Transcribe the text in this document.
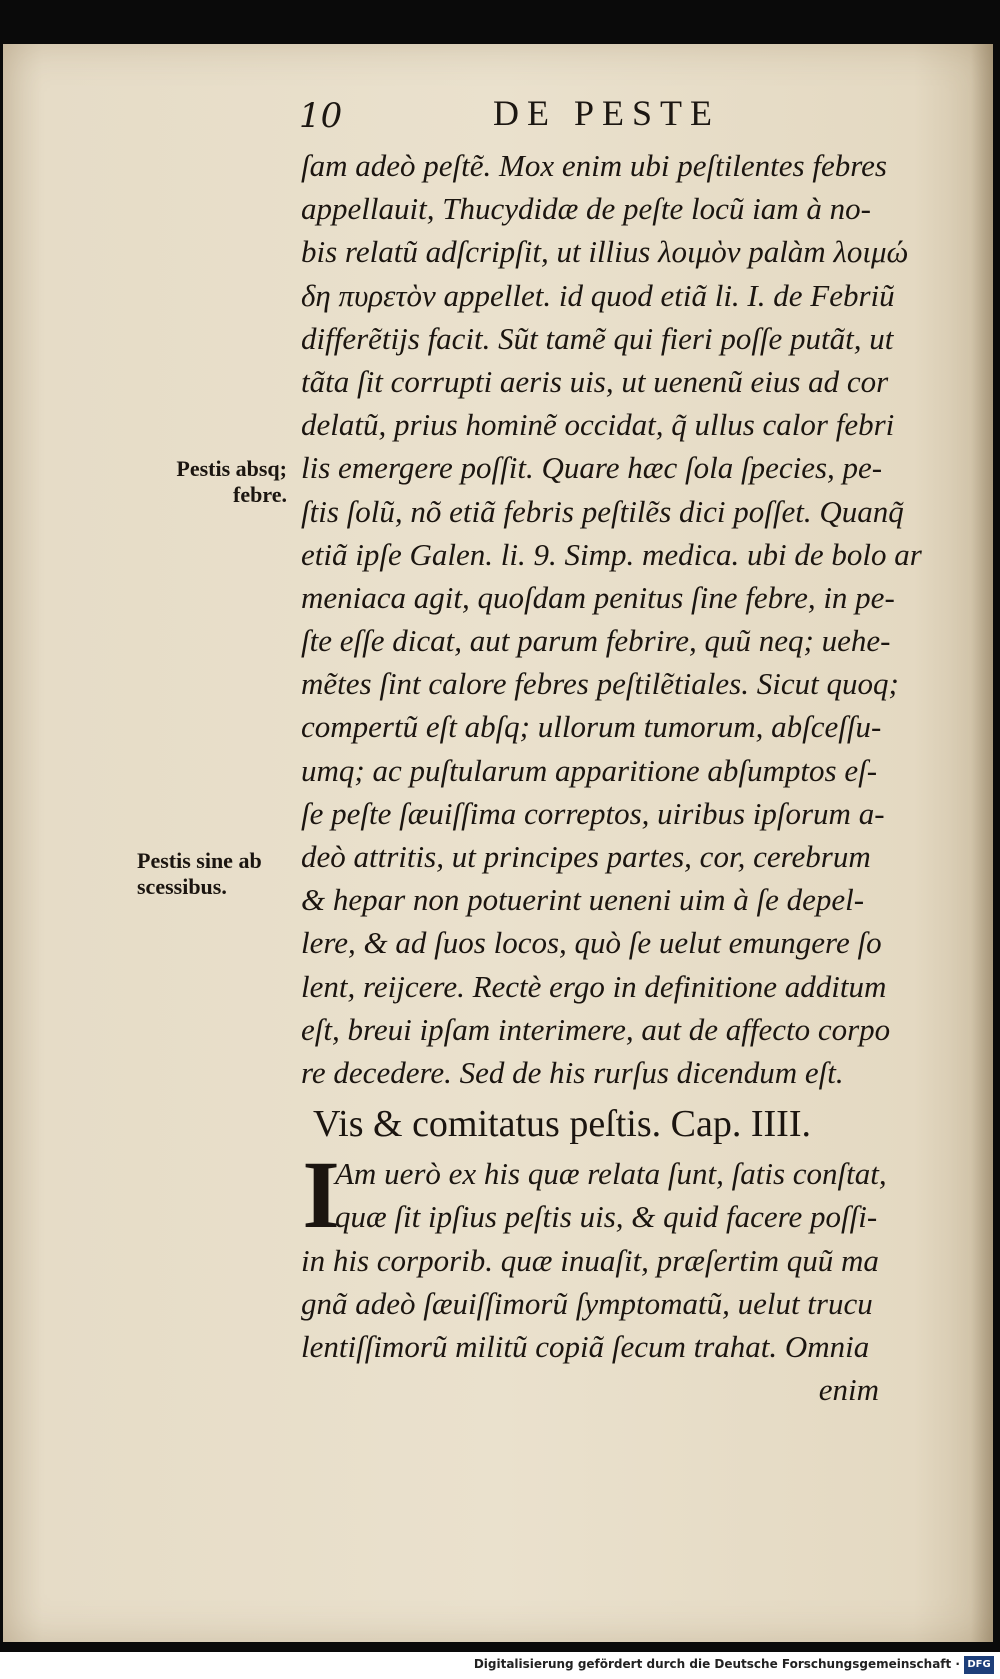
10	DE PESTE
Pestis absq;
febre.
Pestis sine ab
scessibus.
ſam adeò peſtẽ. Mox enim ubi peſtilentes febres
appellauit, Thucydidæ de peſte locũ iam à no-
bis relatũ adſcripſit, ut illius λοιμὸν palàm λοιμώ
δη πυρετὸν appellet. id quod etiã li. I. de Febriũ
differẽtijs facit. Sũt tamẽ qui fieri poſſe putãt, ut
tãta ſit corrupti aeris uis, ut uenenũ eius ad cor
delatũ, prius hominẽ occidat, q̃ ullus calor febri
lis emergere poſſit. Quare hæc ſola ſpecies, pe-
ſtis ſolũ, nõ etiã febris peſtilẽs dici poſſet. Quanq̃
etiã ipſe Galen. li. 9. Simp. medica. ubi de bolo ar
meniaca agit, quoſdam penitus ſine febre, in pe-
ſte eſſe dicat, aut parum febrire, quũ neq; uehe-
mẽtes ſint calore febres peſtilẽtiales. Sicut quoq;
compertũ eſt abſq; ullorum tumorum, abſceſſu-
umq; ac puſtularum apparitione abſumptos eſ-
ſe peſte ſæuiſſima correptos, uiribus ipſorum a-
deò attritis, ut principes partes, cor, cerebrum
& hepar non potuerint ueneni uim à ſe depel-
lere, & ad ſuos locos, quò ſe uelut emungere ſo
lent, reijcere. Rectè ergo in definitione additum
eſt, breui ipſam interimere, aut de affecto corpo
re decedere. Sed de his rurſus dicendum eſt.
Vis & comitatus peſtis. Cap. IIII.
I
Am uerò ex his quæ relata ſunt, ſatis conſtat,
quæ ſit ipſius peſtis uis, & quid facere poſſi-
in his corporib. quæ inuaſit, præſertim quũ ma
gnã adeò ſæuiſſimorũ ſymptomatũ, uelut trucu
lentiſſimorũ militũ copiã ſecum trahat. Omnia
enim
Digitalisierung gefördert durch die Deutsche Forschungsgemeinschaft · DFG
